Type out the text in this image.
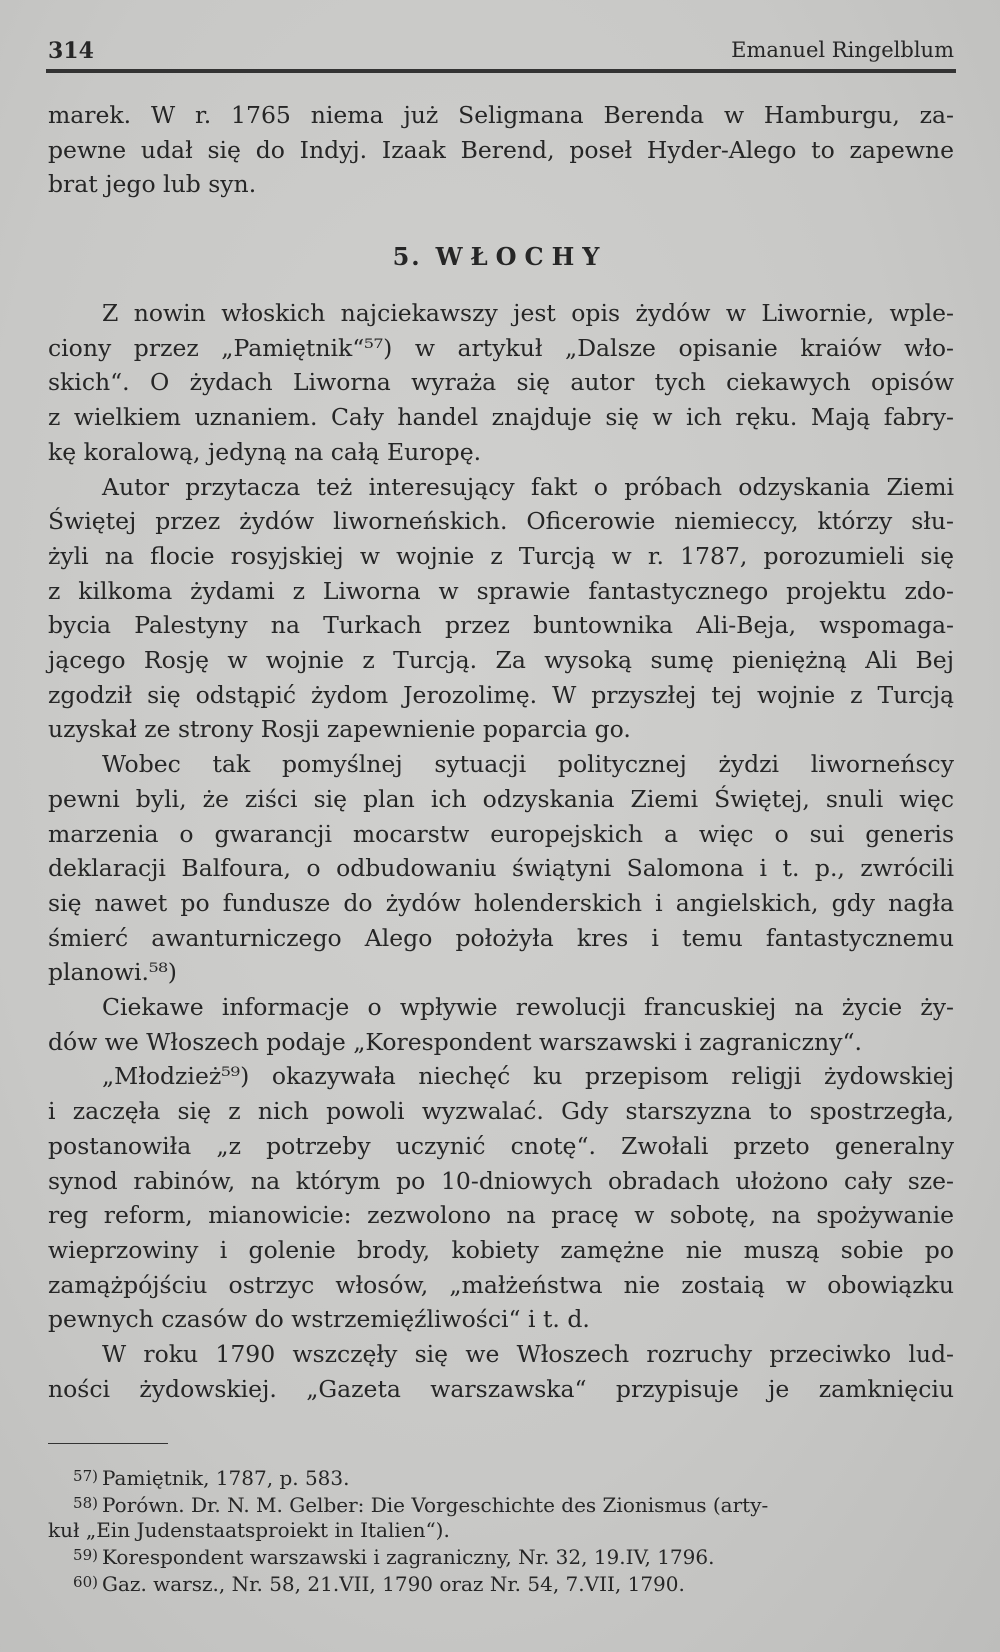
314	Emanuel Ringelblum
marek. W r. 1765 niema już Seligmana Berenda w Hamburgu, za-
pewne udał się do Indyj. Izaak Berend, poseł Hyder-Alego to zapewne
brat jego lub syn.
5. WŁOCHY
Z nowin włoskich najciekawszy jest opis żydów w Liwornie, wple-
ciony przez „Pamiętnik“⁵⁷) w artykuł „Dalsze opisanie kraiów wło-
skich“. O żydach Liworna wyraża się autor tych ciekawych opisów
z wielkiem uznaniem. Cały handel znajduje się w ich ręku. Mają fabry-
kę koralową, jedyną na całą Europę.
Autor przytacza też interesujący fakt o próbach odzyskania Ziemi
Świętej przez żydów liworneńskich. Oficerowie niemieccy, którzy słu-
żyli na flocie rosyjskiej w wojnie z Turcją w r. 1787, porozumieli się
z kilkoma żydami z Liworna w sprawie fantastycznego projektu zdo-
bycia Palestyny na Turkach przez buntownika Ali-Beja, wspomaga-
jącego Rosję w wojnie z Turcją. Za wysoką sumę pieniężną Ali Bej
zgodził się odstąpić żydom Jerozolimę. W przyszłej tej wojnie z Turcją
uzyskał ze strony Rosji zapewnienie poparcia go.
Wobec tak pomyślnej sytuacji politycznej żydzi liworneńscy
pewni byli, że ziści się plan ich odzyskania Ziemi Świętej, snuli więc
marzenia o gwarancji mocarstw europejskich a więc o sui generis
deklaracji Balfoura, o odbudowaniu świątyni Salomona i t. p., zwrócili
się nawet po fundusze do żydów holenderskich i angielskich, gdy nagła
śmierć awanturniczego Alego położyła kres i temu fantastycznemu
planowi.⁵⁸)
Ciekawe informacje o wpływie rewolucji francuskiej na życie ży-
dów we Włoszech podaje „Korespondent warszawski i zagraniczny“.
„Młodzież⁵⁹) okazywała niechęć ku przepisom religji żydowskiej
i zaczęła się z nich powoli wyzwalać. Gdy starszyzna to spostrzegła,
postanowiła „z potrzeby uczynić cnotę“. Zwołali przeto generalny
synod rabinów, na którym po 10-dniowych obradach ułożono cały sze-
reg reform, mianowicie: zezwolono na pracę w sobotę, na spożywanie
wieprzowiny i golenie brody, kobiety zamężne nie muszą sobie po
zamążpójściu ostrzyc włosów, „małżeństwa nie zostaią w obowiązku
pewnych czasów do wstrzemięźliwości“ i t. d.
W roku 1790 wszczęły się we Włoszech rozruchy przeciwko lud-
ności żydowskiej. „Gazeta warszawska“ przypisuje je zamknięciu
57) Pamiętnik, 1787, p. 583.
58) Porówn. Dr. N. M. Gelber: Die Vorgeschichte des Zionismus (arty-
kuł „Ein Judenstaatsproiekt in Italien“).
59) Korespondent warszawski i zagraniczny, Nr. 32, 19.IV, 1796.
60) Gaz. warsz., Nr. 58, 21.VII, 1790 oraz Nr. 54, 7.VII, 1790.
